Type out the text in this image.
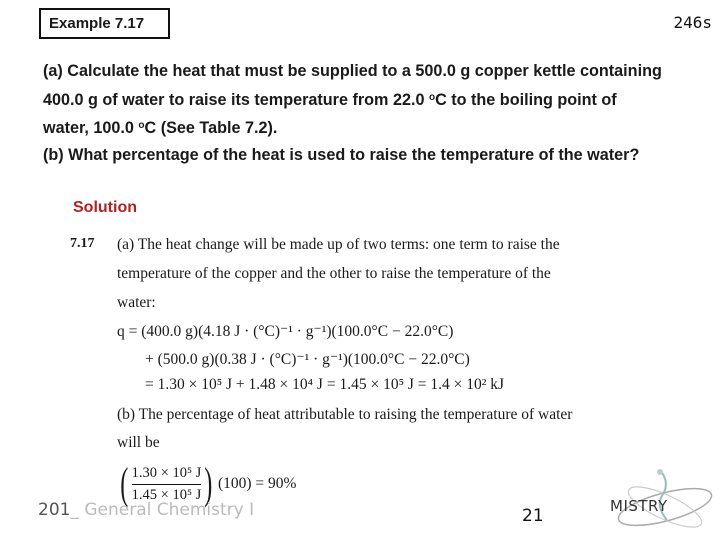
Example 7.17	246s

(a) Calculate the heat that must be supplied to a 500.0 g copper kettle containing 400.0 g of water to raise its temperature from 22.0 $^o$C to the boiling point of water, 100.0 $^o$C (See Table 7.2).

(b) What percentage of the heat is used to raise the temperature of the water?

Solution
7.17 (a) The heat change will be made up of two terms: one term to raise the
temperature of the copper and the other to raise the temperature of the
water:
q = (400.0 g)(4.18 J · (°C)⁻¹ · g⁻¹)(100.0°C − 22.0°C)
+ (500.0 g)(0.38 J · (°C)⁻¹ · g⁻¹)(100.0°C − 22.0°C)
= 1.30 × 10⁵ J + 1.48 × 10⁴ J = 1.45 × 10⁵ J = 1.4 × 10² kJ
(b) The percentage of heat attributable to raising the temperature of water
will be
( $\frac{\text{1.30 × 10⁵ J}}{\text{1.45 × 10⁵ J}}$ ) (100) = 90%
201_ General Chemistry I	21	MISTRY
